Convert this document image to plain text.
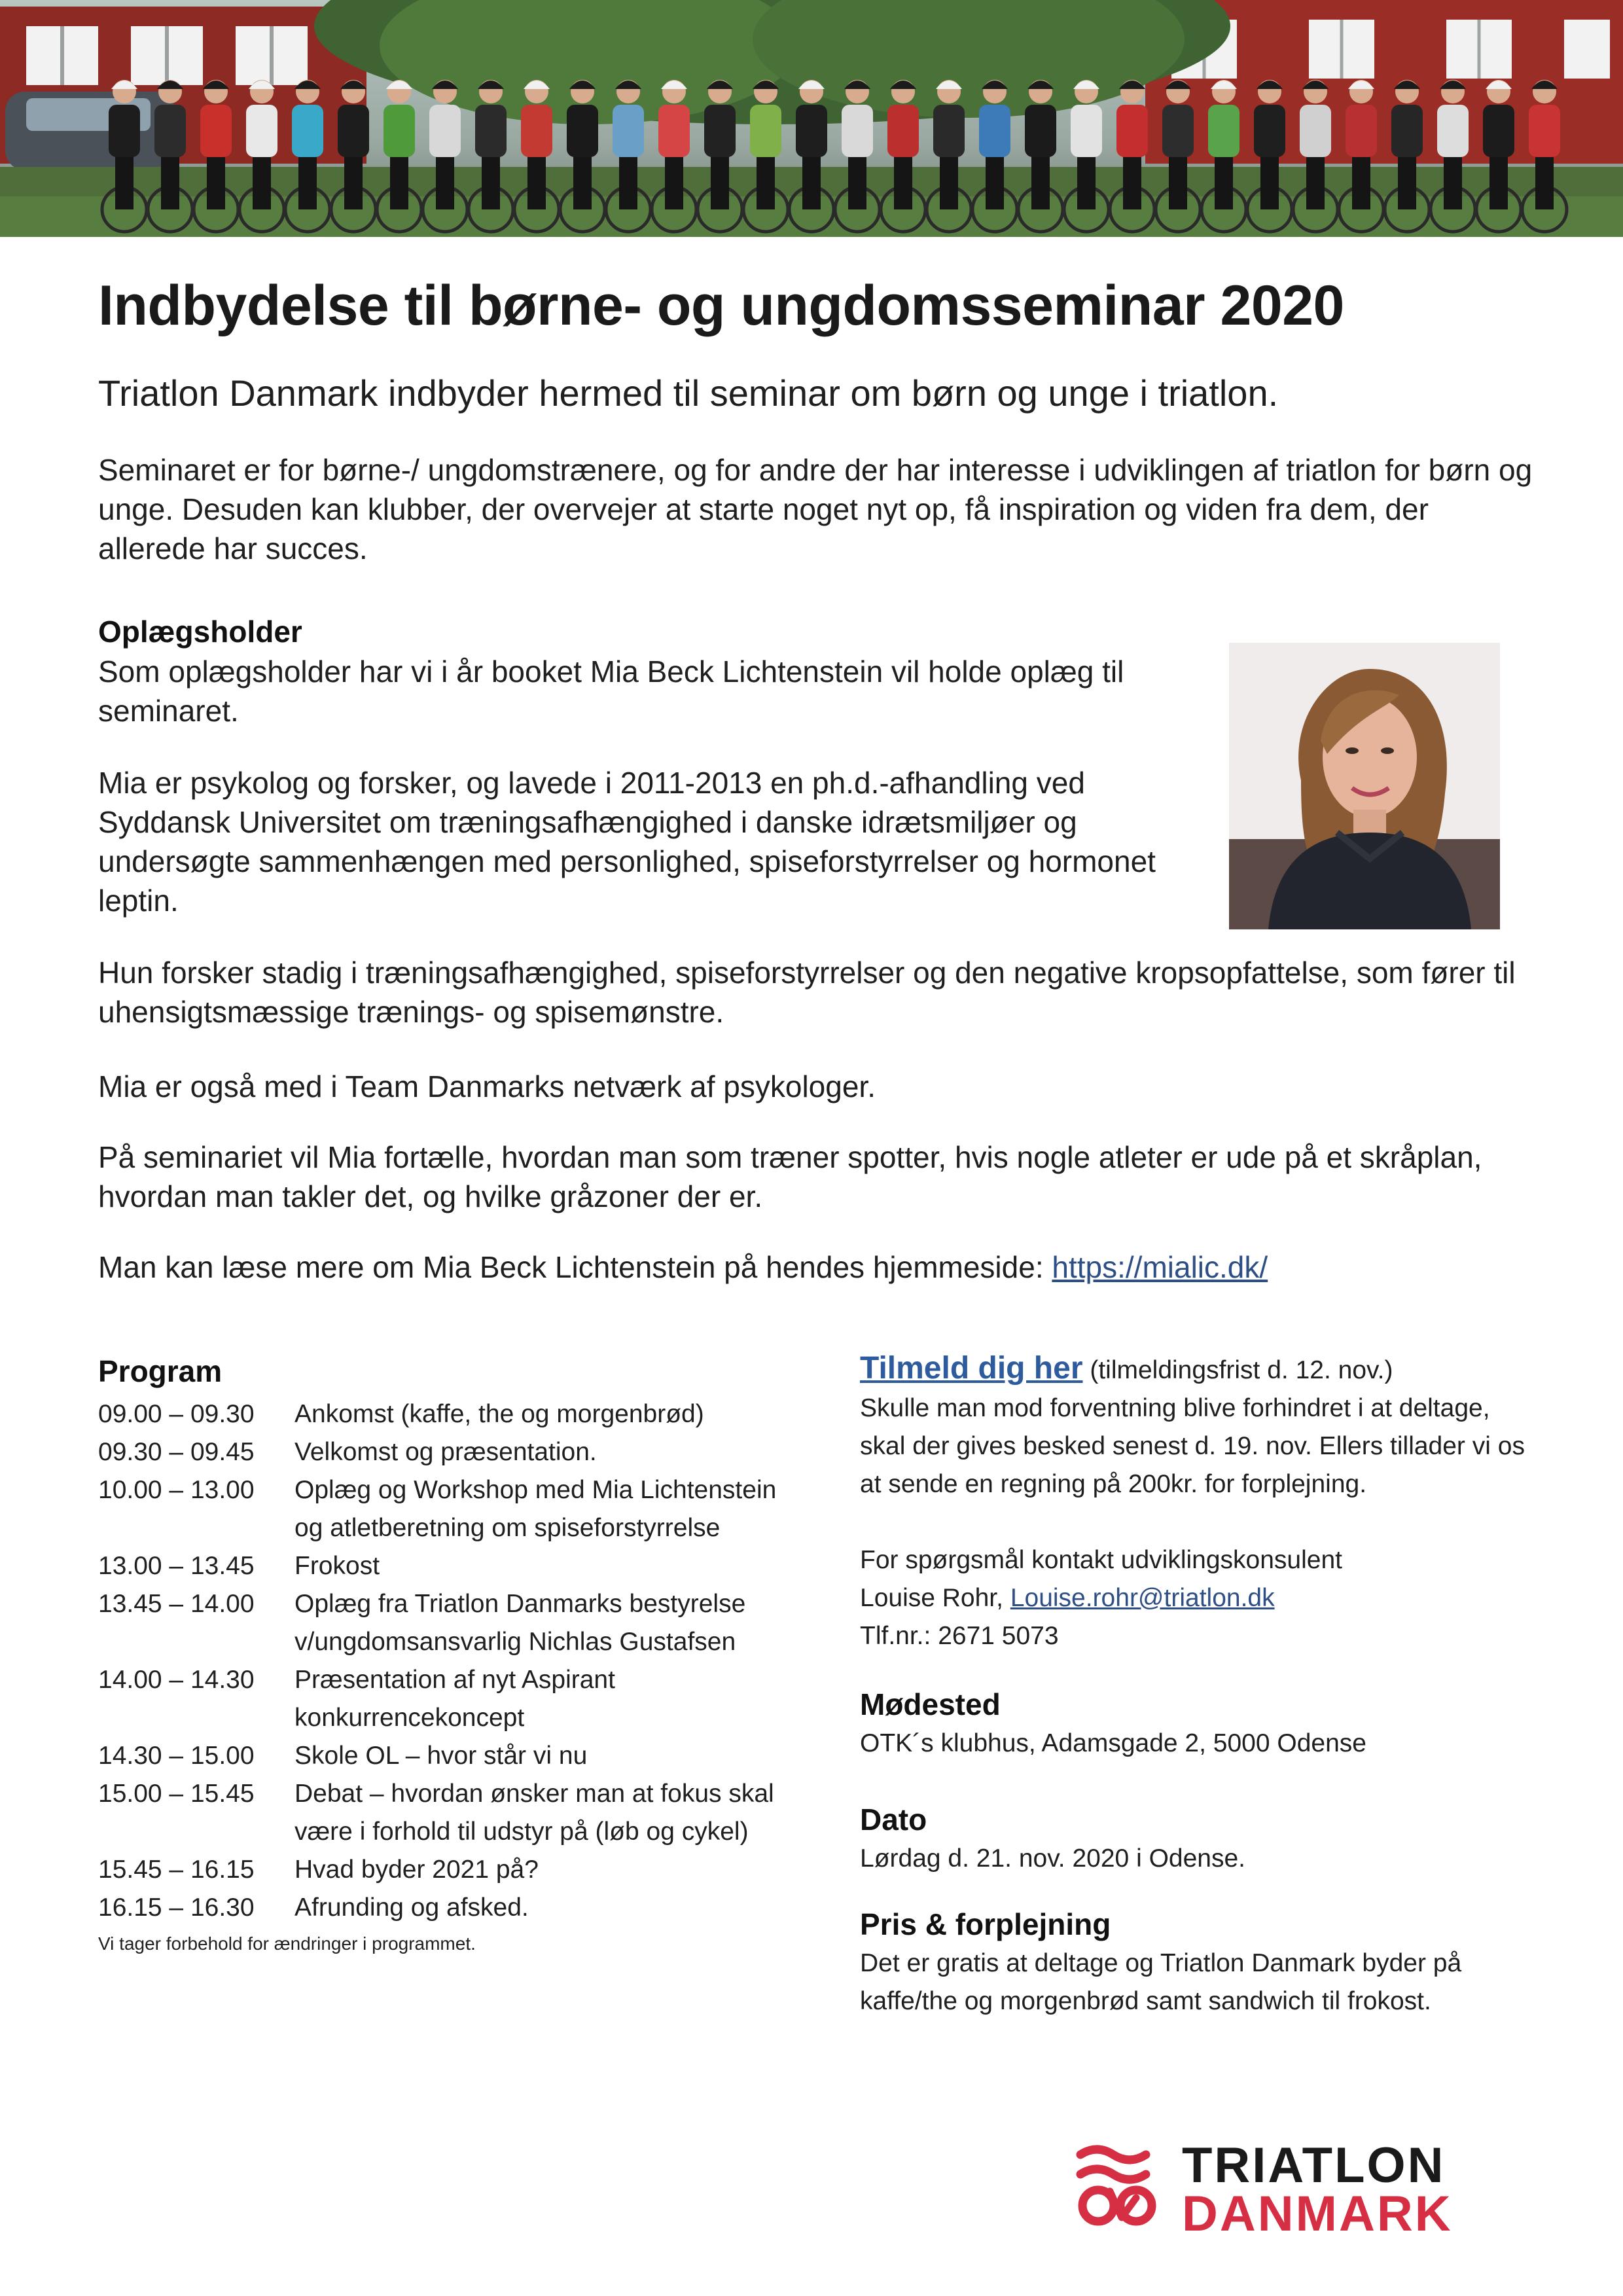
Indbydelse til børne- og ungdomsseminar 2020
Triatlon Danmark indbyder hermed til seminar om børn og unge i triatlon.

Seminaret er for børne-/ ungdomstrænere, og for andre der har interesse i udviklingen af triatlon for børn og unge. Desuden kan klubber, der overvejer at starte noget nyt op, få inspiration og viden fra dem, der allerede har succes.

Oplægsholder

Som oplægsholder har vi i år booket Mia Beck Lichtenstein vil holde oplæg til seminaret.

Mia er psykolog og forsker, og lavede i 2011-2013 en ph.d.-afhandling ved Syddansk Universitet om træningsafhængighed i danske idrætsmiljøer og undersøgte sammenhængen med personlighed, spiseforstyrrelser og hormonet leptin.

Hun forsker stadig i træningsafhængighed, spiseforstyrrelser og den negative kropsopfattelse, som fører til uhensigtsmæssige trænings- og spisemønstre.

Mia er også med i Team Danmarks netværk af psykologer.

På seminariet vil Mia fortælle, hvordan man som træner spotter, hvis nogle atleter er ude på et skråplan, hvordan man takler det, og hvilke gråzoner der er.

Man kan læse mere om Mia Beck Lichtenstein på hendes hjemmeside: https://mialic.dk/

Program
09.00 – 09.30	Ankomst (kaffe, the og morgenbrød)
09.30 – 09.45	Velkomst og præsentation.
10.00 – 13.00	Oplæg og Workshop med Mia Lichtenstein og atletberetning om spiseforstyrrelse
13.00 – 13.45	Frokost
13.45 – 14.00	Oplæg fra Triatlon Danmarks bestyrelse v/ungdomsansvarlig Nichlas Gustafsen
14.00 – 14.30	Præsentation af nyt Aspirant konkurrencekoncept
14.30 – 15.00	Skole OL – hvor står vi nu
15.00 – 15.45	Debat – hvordan ønsker man at fokus skal være i forhold til udstyr på (løb og cykel)
15.45 – 16.15	Hvad byder 2021 på?
16.15 – 16.30	Afrunding og afsked.
Vi tager forbehold for ændringer i programmet.

Tilmeld dig her (tilmeldingsfrist d. 12. nov.)

Skulle man mod forventning blive forhindret i at deltage, skal der gives besked senest d. 19. nov. Ellers tillader vi os at sende en regning på 200kr. for forplejning.

For spørgsmål kontakt udviklingskonsulent

Louise Rohr, Louise.rohr@triatlon.dk

Tlf.nr.: 2671 5073

Mødested

OTK´s klubhus, Adamsgade 2, 5000 Odense

Dato

Lørdag d. 21. nov. 2020 i Odense.

Pris & forplejning

Det er gratis at deltage og Triatlon Danmark byder på kaffe/the og morgenbrød samt sandwich til frokost.

TRIATLON
DANMARK
